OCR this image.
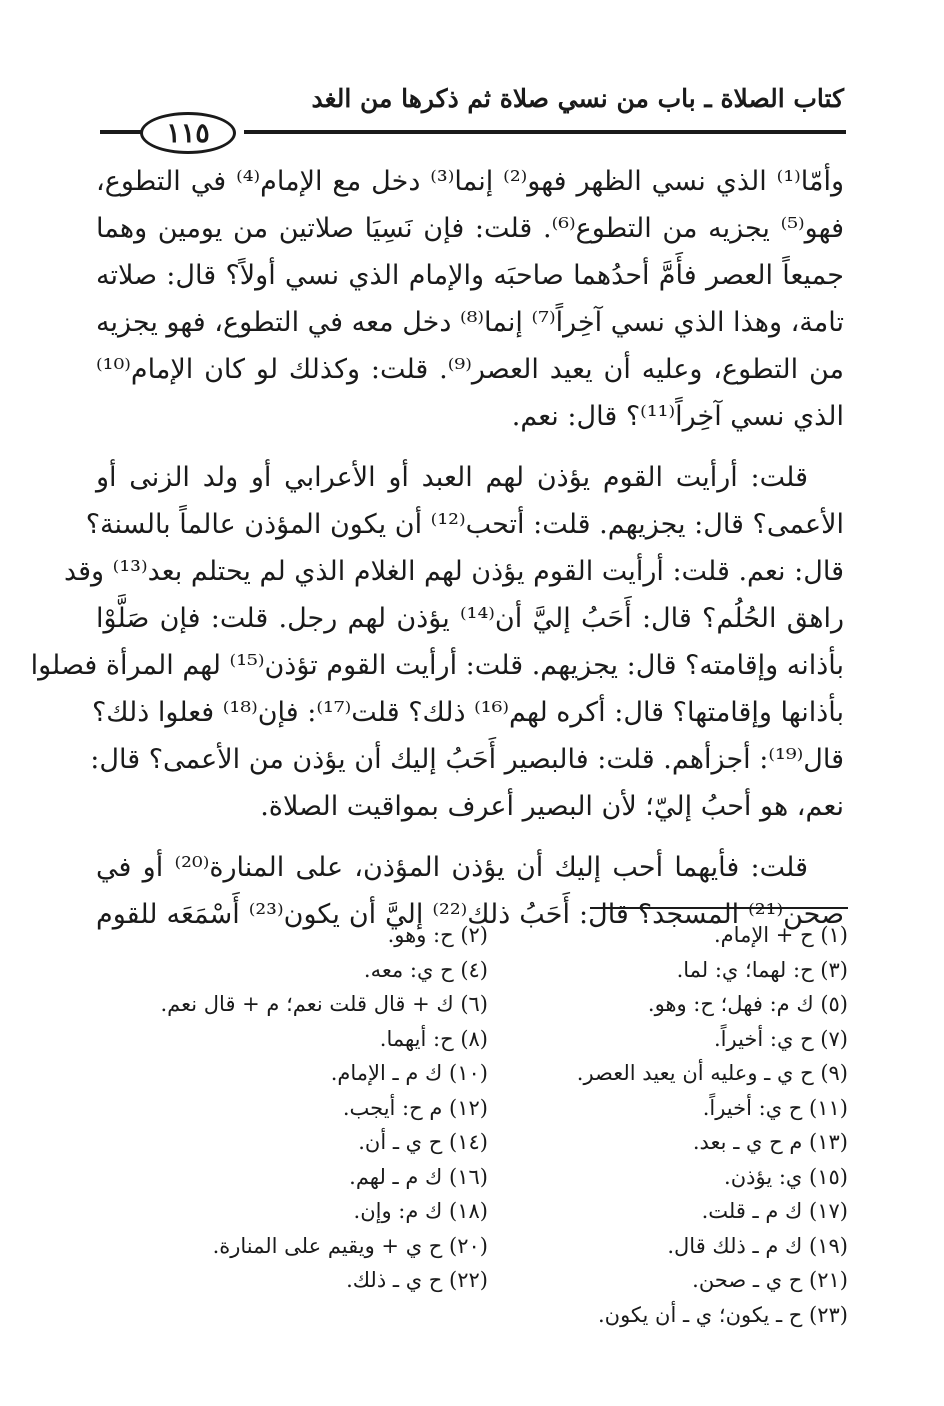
كتاب الصلاة ـ باب من نسي صلاة ثم ذكرها من الغد
١١٥
وأمّا⁽¹⁾ الذي نسي الظهر فهو⁽²⁾ إنما⁽³⁾ دخل مع الإمام⁽⁴⁾ في التطوع،
فهو⁽⁵⁾ يجزيه من التطوع⁽⁶⁾. قلت: فإن نَسِيَا صلاتين من يومين وهما
جميعاً العصر فأَمَّ أحدُهما صاحبَه والإمام الذي نسي أولاً؟ قال: صلاته
تامة، وهذا الذي نسي آخِراً⁽⁷⁾ إنما⁽⁸⁾ دخل معه في التطوع، فهو يجزيه
من التطوع، وعليه أن يعيد العصر⁽⁹⁾. قلت: وكذلك لو كان الإمام⁽¹⁰⁾
الذي نسي آخِراً⁽¹¹⁾؟ قال: نعم.
قلت: أرأيت القوم يؤذن لهم العبد أو الأعرابي أو ولد الزنى أو
الأعمى؟ قال: يجزيهم. قلت: أتحب⁽¹²⁾ أن يكون المؤذن عالماً بالسنة؟
قال: نعم. قلت: أرأيت القوم يؤذن لهم الغلام الذي لم يحتلم بعد⁽¹³⁾ وقد
راهق الحُلُم؟ قال: أَحَبُ إليَّ أن⁽¹⁴⁾ يؤذن لهم رجل. قلت: فإن صَلَّوْا
بأذانه وإقامته؟ قال: يجزيهم. قلت: أرأيت القوم تؤذن⁽¹⁵⁾ لهم المرأة فصلوا
بأذانها وإقامتها؟ قال: أكره لهم⁽¹⁶⁾ ذلك؟ قلت⁽¹⁷⁾: فإن⁽¹⁸⁾ فعلوا ذلك؟
قال⁽¹⁹⁾: أجزأهم. قلت: فالبصير أَحَبُ إليك أن يؤذن من الأعمى؟ قال:
نعم، هو أحبُ إليّ؛ لأن البصير أعرف بمواقيت الصلاة.
قلت: فأيهما أحب إليك أن يؤذن المؤذن، على المنارة⁽²⁰⁾ أو في
صحن⁽²¹⁾ المسجد؟ قال: أَحَبُ ذلك⁽²²⁾ إليَّ أن يكون⁽²³⁾ أَسْمَعَه للقوم
(١) ح + الإمام.
(٣) ح: لهما؛ ي: لما.
(٥) ك م: فهل؛ ح: وهو.
(٧) ح ي: أخيراً.
(٩) ح ي ـ وعليه أن يعيد العصر.
(١١) ح ي: أخيراً.
(١٣) م ح ي ـ بعد.
(١٥) ي: يؤذن.
(١٧) ك م ـ قلت.
(١٩) ك م ـ ذلك قال.
(٢١) ح ي ـ صحن.
(٢٣) ح ـ يكون؛ ي ـ أن يكون.
(٢) ح: وهو.
(٤) ح ي: معه.
(٦) ك + قال قلت نعم؛ م + قال نعم.
(٨) ح: أيهما.
(١٠) ك م ـ الإمام.
(١٢) م ح: أيجب.
(١٤) ح ي ـ أن.
(١٦) ك م ـ لهم.
(١٨) ك م: وإن.
(٢٠) ح ي + ويقيم على المنارة.
(٢٢) ح ي ـ ذلك.
